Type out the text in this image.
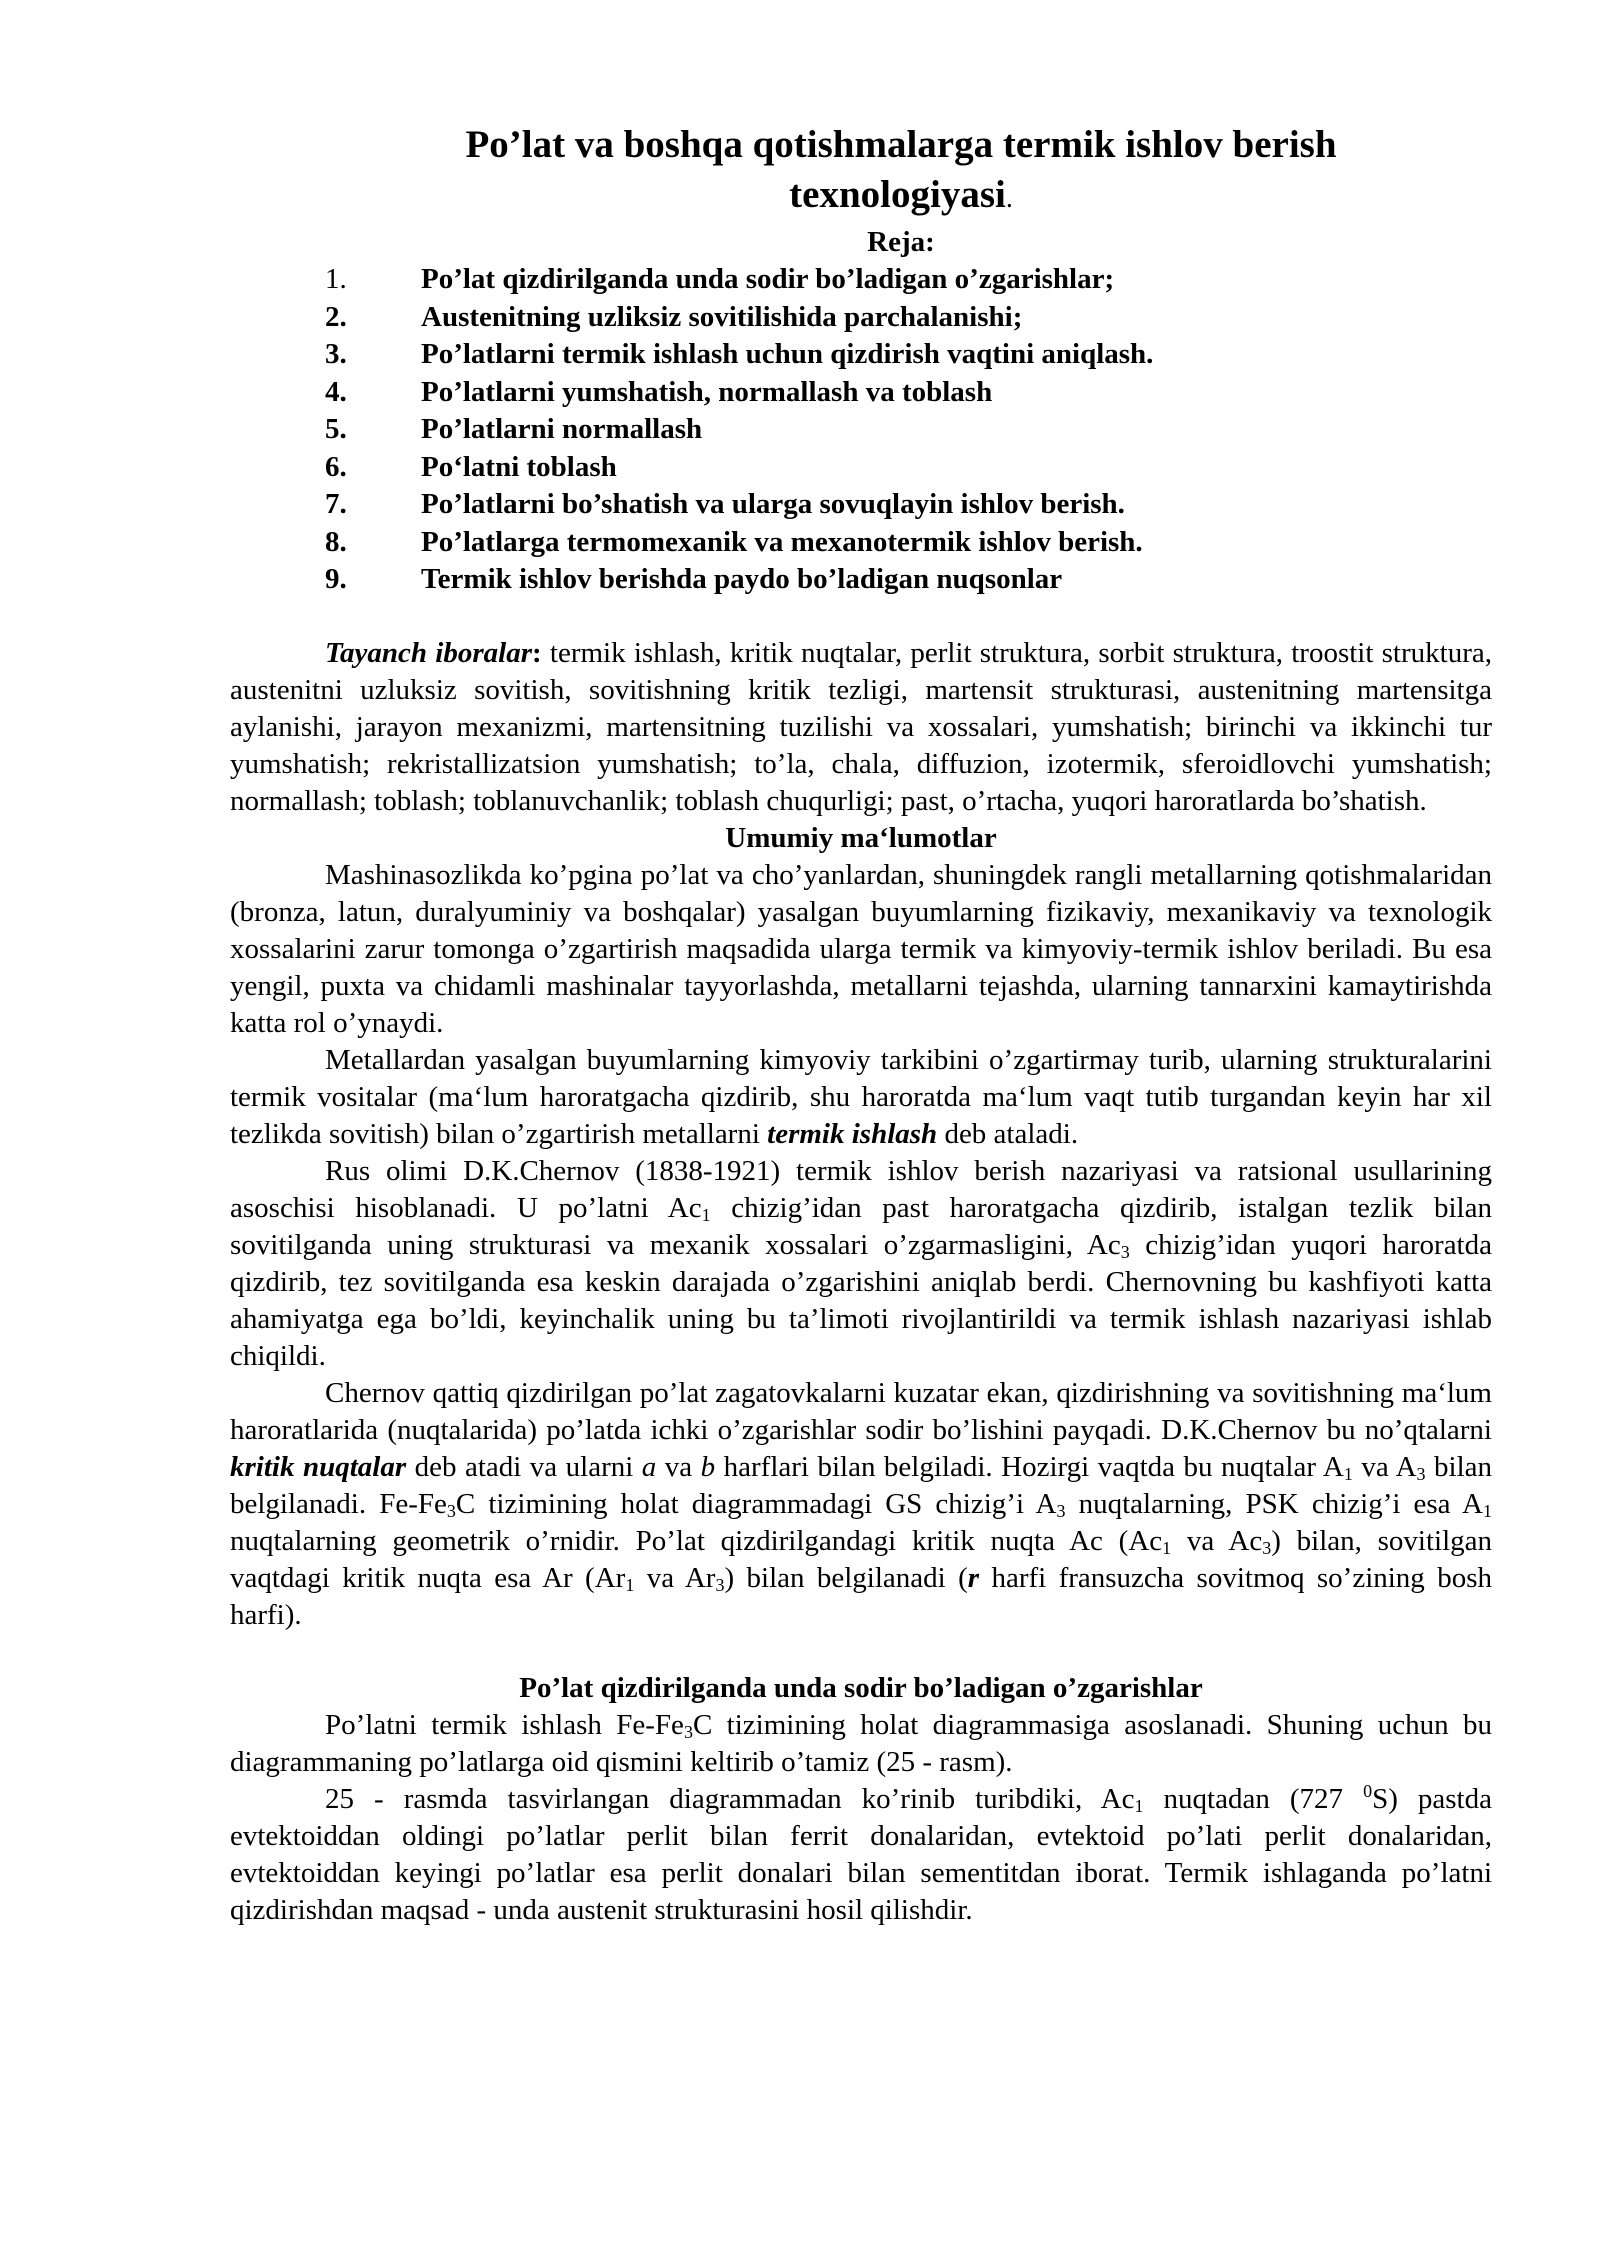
Po’lat va boshqa qotishmalarga termik ishlov berish
texnologiyasi.

Reja:
1.	Po’lat qizdirilganda unda sodir bo’ladigan o’zgarishlar;
2.	Austenitning uzliksiz sovitilishida parchalanishi;
3.	Po’latlarni termik ishlash uchun qizdirish vaqtini aniqlash.
4.	Po’latlarni yumshatish, normallash va toblash
5.	Po’latlarni normallash
6.	Po‘latni toblash
7.	Po’latlarni bo’shatish va ularga sovuqlayin ishlov berish.
8.	Po’latlarga termomexanik va mexanotermik ishlov berish.
9.	Termik ishlov berishda paydo bo’ladigan nuqsonlar

Tayanch iboralar: termik ishlash, kritik nuqtalar, perlit struktura, sorbit struktura, troostit struktura, austenitni uzluksiz sovitish, sovitishning kritik tezligi, martensit strukturasi, austenitning martensitga aylanishi, jarayon mexanizmi, martensitning tuzilishi va xossalari, yumshatish; birinchi va ikkinchi tur yumshatish; rekristallizatsion yumshatish; to’la, chala, diffuzion, izotermik, sferoidlovchi yumshatish; normallash; toblash; toblanuvchanlik; toblash chuqurligi; past, o’rtacha, yuqori haroratlarda bo’shatish.

Umumiy ma‘lumotlar

Mashinasozlikda ko’pgina po’lat va cho’yanlardan, shuningdek rangli metallarning qotishmalaridan (bronza, latun, duralyuminiy va boshqalar) yasalgan buyumlarning fizikaviy, mexanikaviy va texnologik xossalarini zarur tomonga o’zgartirish maqsadida ularga termik va kimyoviy-termik ishlov beriladi. Bu esa yengil, puxta va chidamli mashinalar tayyorlashda, metallarni tejashda, ularning tannarxini kamaytirishda katta rol o’ynaydi.

Metallardan yasalgan buyumlarning kimyoviy tarkibini o’zgartirmay turib, ularning strukturalarini termik vositalar (ma‘lum haroratgacha qizdirib, shu haroratda ma‘lum vaqt tutib turgandan keyin har xil tezlikda sovitish) bilan o’zgartirish metallarni termik ishlash deb ataladi.

Rus olimi D.K.Chernov (1838-1921) termik ishlov berish nazariyasi va ratsional usullarining asoschisi hisoblanadi. U po’latni $Ac_1$ chizig’idan past haroratgacha qizdirib, istalgan tezlik bilan sovitilganda uning strukturasi va mexanik xossalari o’zgarmasligini, $Ac_3$ chizig’idan yuqori haroratda qizdirib, tez sovitilganda esa keskin darajada o’zgarishini aniqlab berdi. Chernovning bu kashfiyoti katta ahamiyatga ega bo’ldi, keyinchalik uning bu ta’limoti rivojlantirildi va termik ishlash nazariyasi ishlab chiqildi.

Chernov qattiq qizdirilgan po’lat zagatovkalarni kuzatar ekan, qizdirishning va sovitishning ma‘lum haroratlarida (nuqtalarida) po’latda ichki o’zgarishlar sodir bo’lishini payqadi. D.K.Chernov bu no’qtalarni kritik nuqtalar deb atadi va ularni a va b harflari bilan belgiladi. Hozirgi vaqtda bu nuqtalar $A_1$ va $A_3$ bilan belgilanadi. $Fe-Fe_3C$ tizimining holat diagrammadagi GS chizig’i $A_3$ nuqtalarning, PSK chizig’i esa $A_1$ nuqtalarning geometrik o’rnidir. Po’lat qizdirilgandagi kritik nuqta Ac ($Ac_1$ va $Ac_3$) bilan, sovitilgan vaqtdagi kritik nuqta esa Ar ($Ar_1$ va $Ar_3$) bilan belgilanadi (r harfi fransuzcha sovitmoq so’zining bosh harfi).

Po’lat qizdirilganda unda sodir bo’ladigan o’zgarishlar

Po’latni termik ishlash $Fe-Fe_3C$ tizimining holat diagrammasiga asoslanadi. Shuning uchun bu diagrammaning po’latlarga oid qismini keltirib o’tamiz (25 - rasm).

25 - rasmda tasvirlangan diagrammadan ko’rinib turibdiki, $Ac_1$ nuqtadan (727 $^0$S) pastda evtektoiddan oldingi po’latlar perlit bilan ferrit donalaridan, evtektoid po’lati perlit donalaridan, evtektoiddan keyingi po’latlar esa perlit donalari bilan sementitdan iborat. Termik ishlaganda po’latni qizdirishdan maqsad - unda austenit strukturasini hosil qilishdir.
